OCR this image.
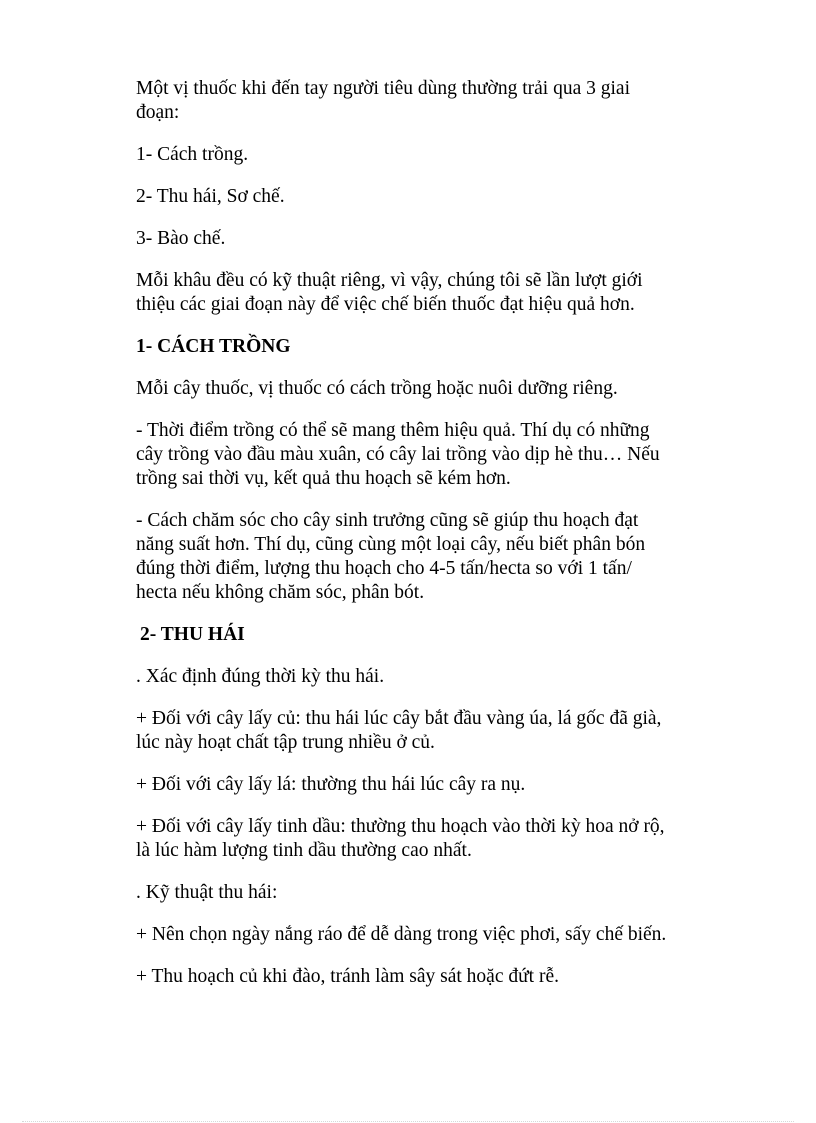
Một vị thuốc khi đến tay người tiêu dùng thường trải qua 3 giai
đoạn:

1- Cách trồng.

2- Thu hái, Sơ chế.

3- Bào chế.

Mỗi khâu đều có kỹ thuật riêng, vì vậy, chúng tôi sẽ lần lượt giới
thiệu các giai đoạn này để việc chế biến thuốc đạt hiệu quả hơn.

1- CÁCH TRỒNG

Mỗi cây thuốc, vị thuốc có cách trồng hoặc nuôi dưỡng riêng.

- Thời điểm trồng có thể sẽ mang thêm hiệu quả. Thí dụ có những
cây trồng vào đầu màu xuân, có cây lai trồng vào dịp hè thu… Nếu
trồng sai thời vụ, kết quả thu hoạch sẽ kém hơn.

- Cách chăm sóc cho cây sinh trưởng cũng sẽ giúp thu hoạch đạt
năng suất hơn. Thí dụ, cũng cùng một loại cây, nếu biết phân bón
đúng thời điểm, lượng thu hoạch cho 4-5 tấn/hecta so với 1 tấn/
hecta nếu không chăm sóc, phân bót.

2- THU HÁI

. Xác định đúng thời kỳ thu hái.

+ Đối với cây lấy củ: thu hái lúc cây bắt đầu vàng úa, lá gốc đã già,
lúc này hoạt chất tập trung nhiều ở củ.

+ Đối với cây lấy lá: thường thu hái lúc cây ra nụ.

+ Đối với cây lấy tinh dầu: thường thu hoạch vào thời kỳ hoa nở rộ,
là lúc hàm lượng tinh dầu thường cao nhất.

. Kỹ thuật thu hái:

+ Nên chọn ngày nắng ráo để dễ dàng trong việc phơi, sấy chế biến.

+ Thu hoạch củ khi đào, tránh làm sây sát hoặc đứt rễ.
